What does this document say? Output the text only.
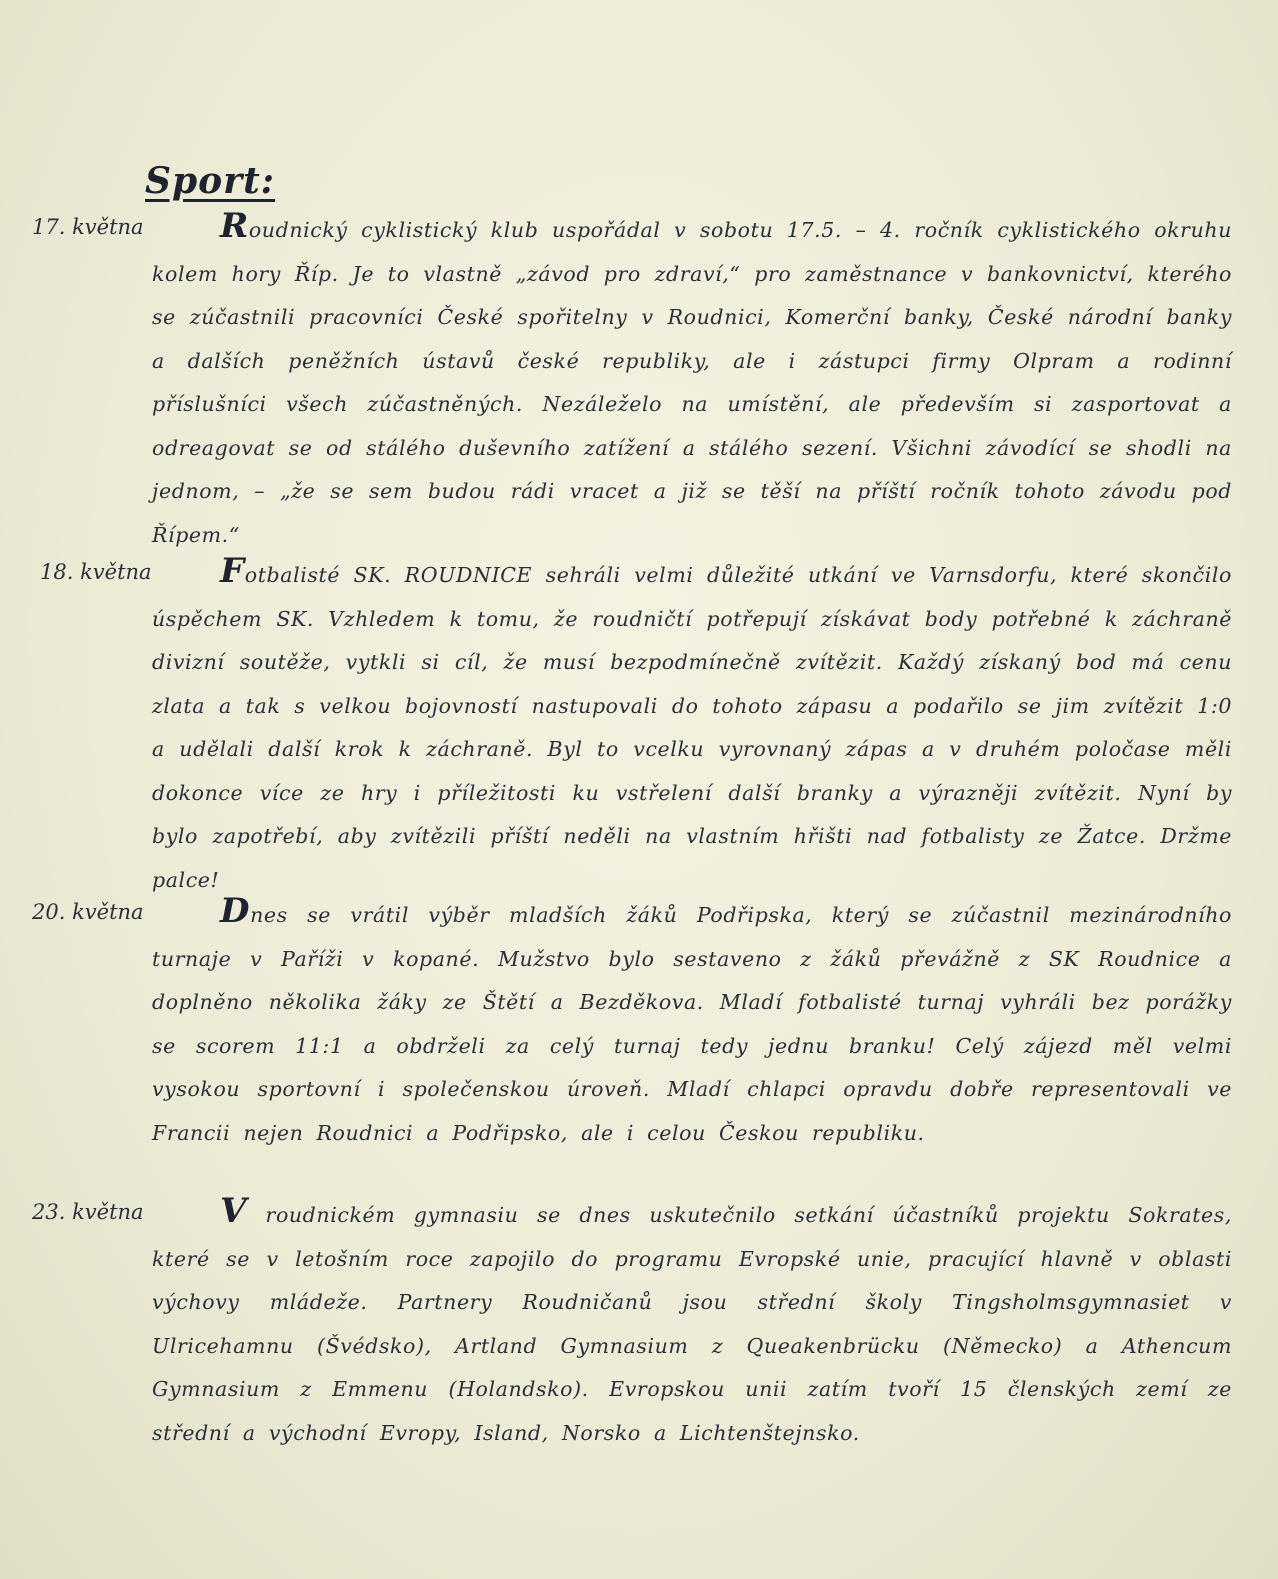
Sport:
17. května	Roudnický cyklistický klub uspořádal v sobotu 17.5. – 4. ročník cyklistického okruhu kolem hory Říp. Je to vlastně „závod pro zdraví,“ pro zaměstnance v bankovnictví, kterého se zúčastnili pracovníci České spořitelny v Roudnici, Komerční banky, České národní banky a dalších peněžních ústavů české republiky, ale i zástupci firmy Olpram a rodinní příslušníci všech zúčastněných. Nezáleželo na umístění, ale především si zasportovat a odreagovat se od stálého duševního zatížení a stálého sezení. Všichni závodící se shodli na jednom, – „že se sem budou rádi vracet a již se těší na příští ročník tohoto závodu pod Řípem.“
18. května	Fotbalisté SK. ROUDNICE sehráli velmi důležité utkání ve Varnsdorfu, které skončilo úspěchem SK. Vzhledem k tomu, že roudničtí potřepují získávat body potřebné k záchraně divizní soutěže, vytkli si cíl, že musí bezpodmínečně zvítězit. Každý získaný bod má cenu zlata a tak s velkou bojovností nastupovali do tohoto zápasu a podařilo se jim zvítězit 1:0 a udělali další krok k záchraně. Byl to vcelku vyrovnaný zápas a v druhém poločase měli dokonce více ze hry i příležitosti ku vstřelení další branky a výrazněji zvítězit. Nyní by bylo zapotřebí, aby zvítězili příští neděli na vlastním hřišti nad fotbalisty ze Žatce. Držme palce!
20. května	Dnes se vrátil výběr mladších žáků Podřipska, který se zúčastnil mezinárodního turnaje v Paříži v kopané. Mužstvo bylo sestaveno z žáků převážně z SK Roudnice a doplněno několika žáky ze Štětí a Bezděkova. Mladí fotbalisté turnaj vyhráli bez porážky se scorem 11:1 a obdrželi za celý turnaj tedy jednu branku! Celý zájezd měl velmi vysokou sportovní i společenskou úroveň. Mladí chlapci opravdu dobře representovali ve Francii nejen Roudnici a Podřipsko, ale i celou Českou republiku.
23. května	V roudnickém gymnasiu se dnes uskutečnilo setkání účastníků projektu Sokrates, které se v letošním roce zapojilo do programu Evropské unie, pracující hlavně v oblasti výchovy mládeže. Partnery Roudničanů jsou střední školy Tingsholmsgymnasiet v Ulricehamnu (Švédsko), Artland Gymnasium z Queakenbrücku (Německo) a Athencum Gymnasium z Emmenu (Holandsko). Evropskou unii zatím tvoří 15 členských zemí ze střední a východní Evropy, Island, Norsko a Lichtenštejnsko.
